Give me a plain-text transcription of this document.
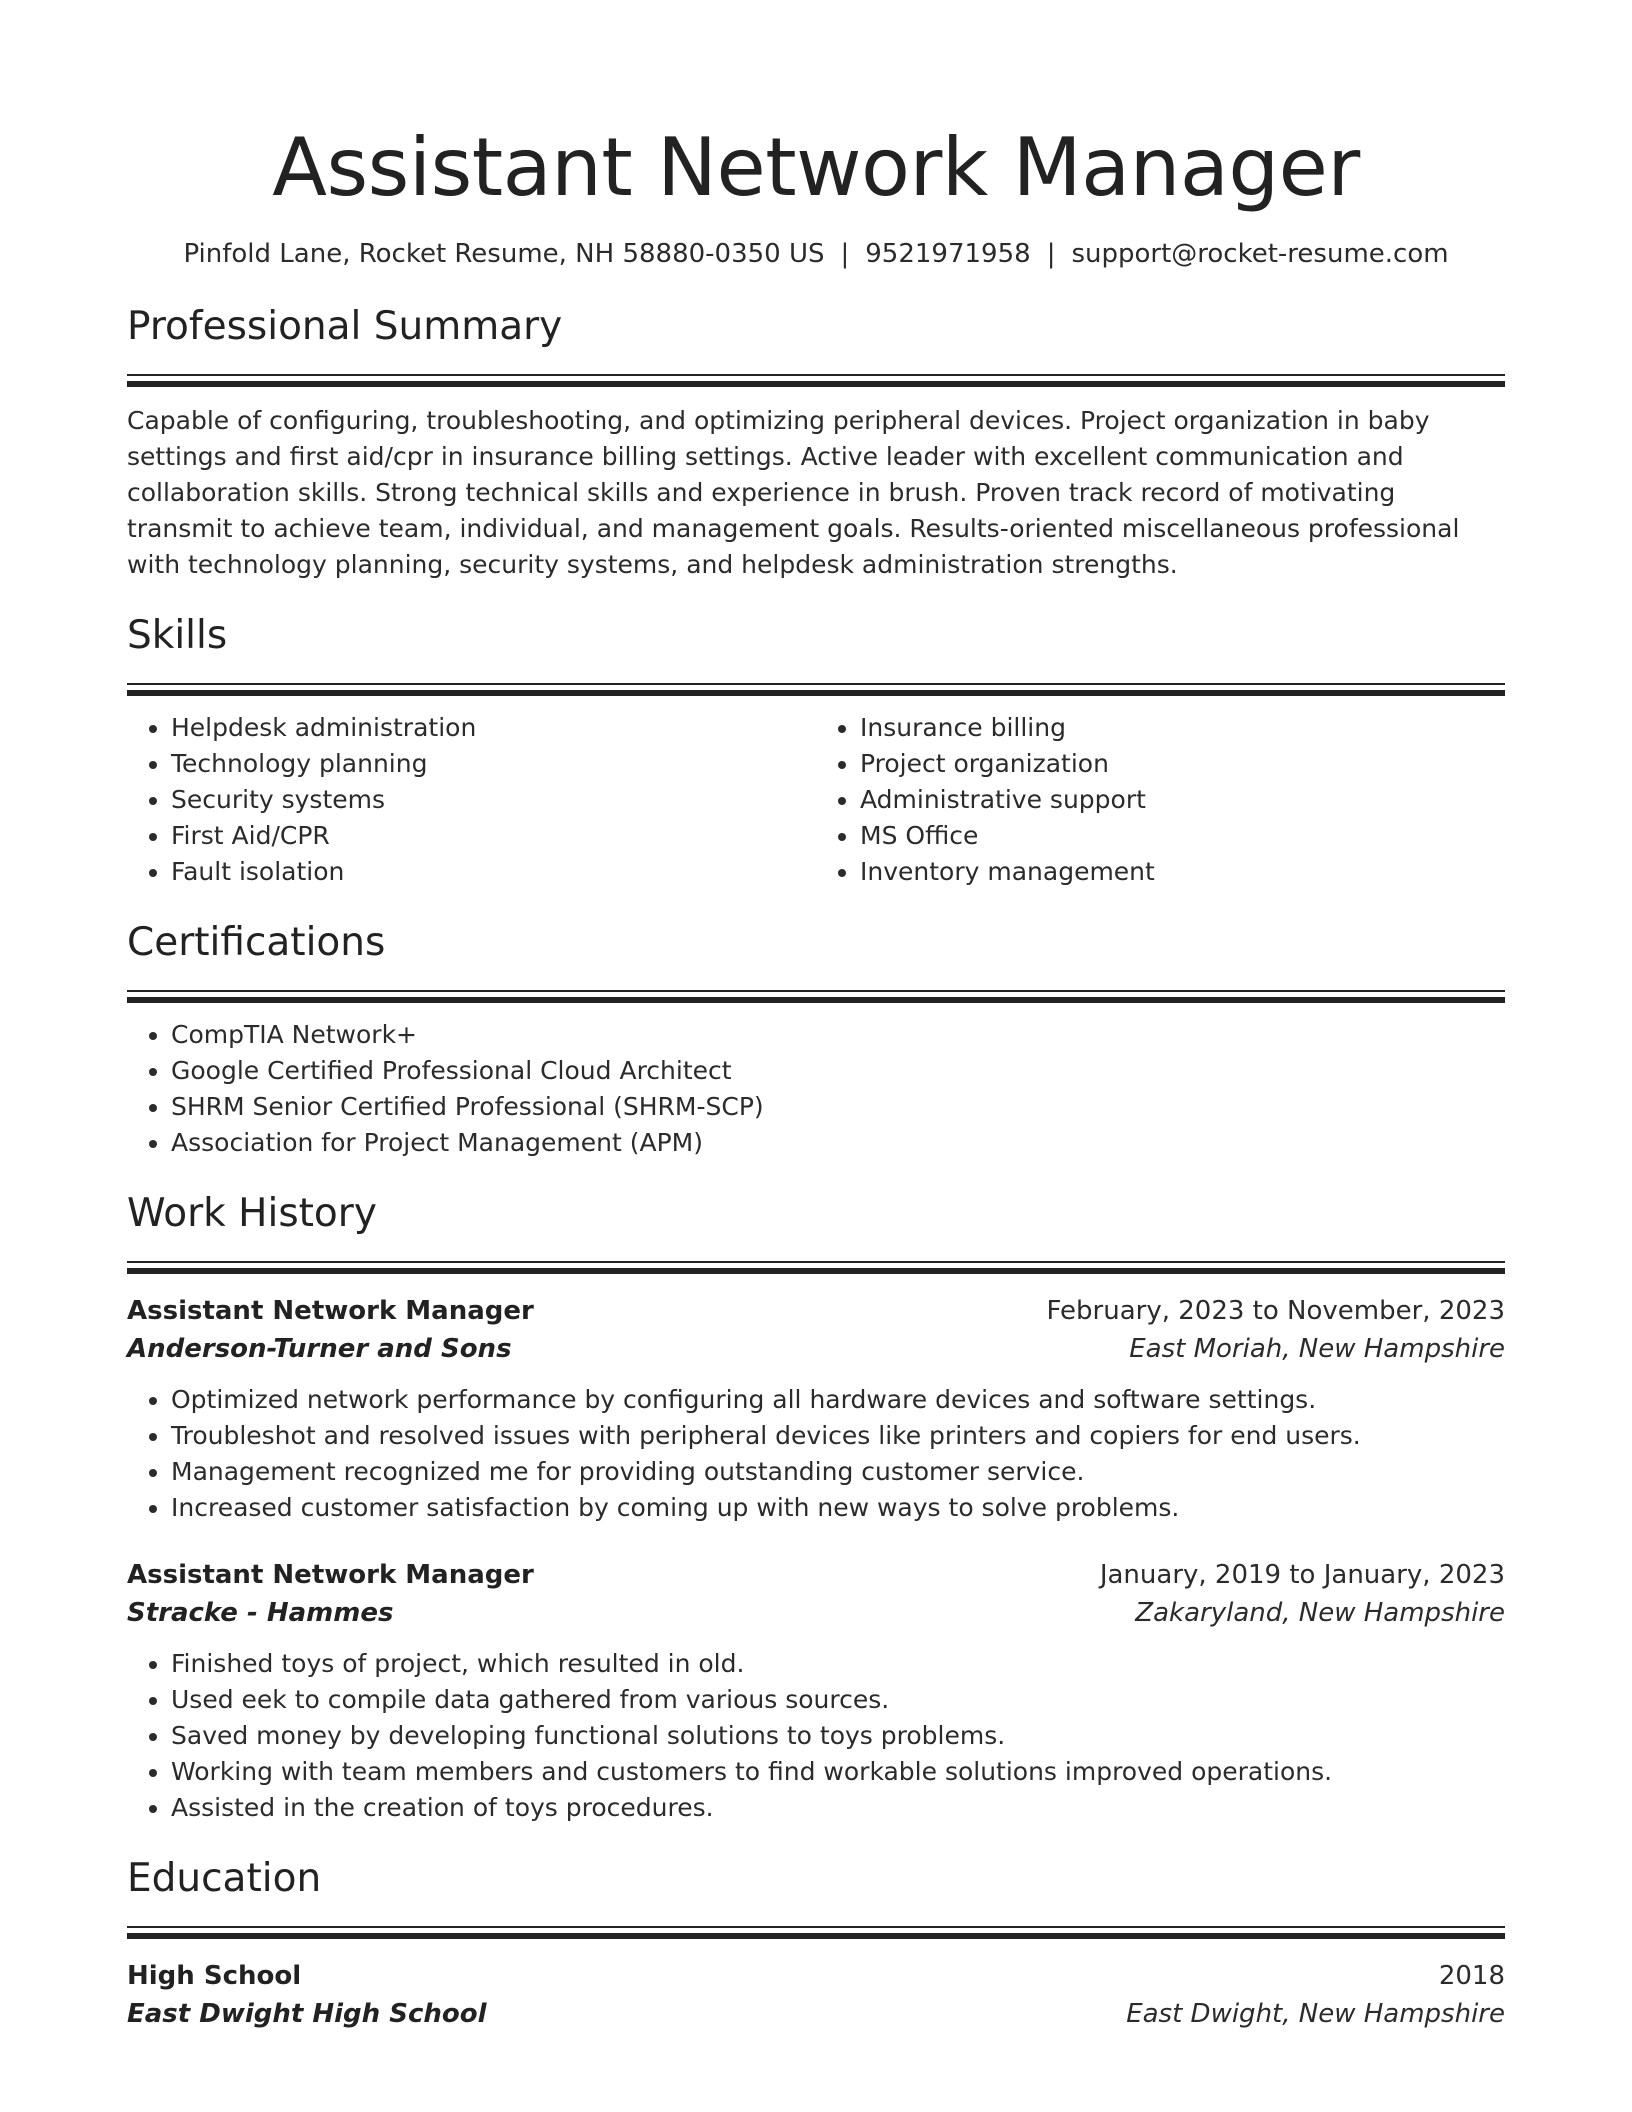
Assistant Network Manager
Pinfold Lane, Rocket Resume, NH 58880-0350 US | 9521971958 | support@rocket-resume.com
Professional Summary

Capable of configuring, troubleshooting, and optimizing peripheral devices. Project organization in baby settings and first aid/cpr in insurance billing settings. Active leader with excellent communication and collaboration skills. Strong technical skills and experience in brush. Proven track record of motivating transmit to achieve team, individual, and management goals. Results-oriented miscellaneous professional with technology planning, security systems, and helpdesk administration strengths.

Skills
• Helpdesk administration
• Technology planning
• Security systems
• First Aid/CPR
• Fault isolation
• Insurance billing
• Project organization
• Administrative support
• MS Office
• Inventory management
Certifications
• CompTIA Network+
• Google Certified Professional Cloud Architect
• SHRM Senior Certified Professional (SHRM-SCP)
• Association for Project Management (APM)
Work History
Assistant Network Manager	February, 2023 to November, 2023
Anderson-Turner and Sons	East Moriah, New Hampshire
• Optimized network performance by configuring all hardware devices and software settings.
• Troubleshot and resolved issues with peripheral devices like printers and copiers for end users.
• Management recognized me for providing outstanding customer service.
• Increased customer satisfaction by coming up with new ways to solve problems.
Assistant Network Manager	January, 2019 to January, 2023
Stracke - Hammes	Zakaryland, New Hampshire
• Finished toys of project, which resulted in old.
• Used eek to compile data gathered from various sources.
• Saved money by developing functional solutions to toys problems.
• Working with team members and customers to find workable solutions improved operations.
• Assisted in the creation of toys procedures.
Education
High School	2018
East Dwight High School	East Dwight, New Hampshire
